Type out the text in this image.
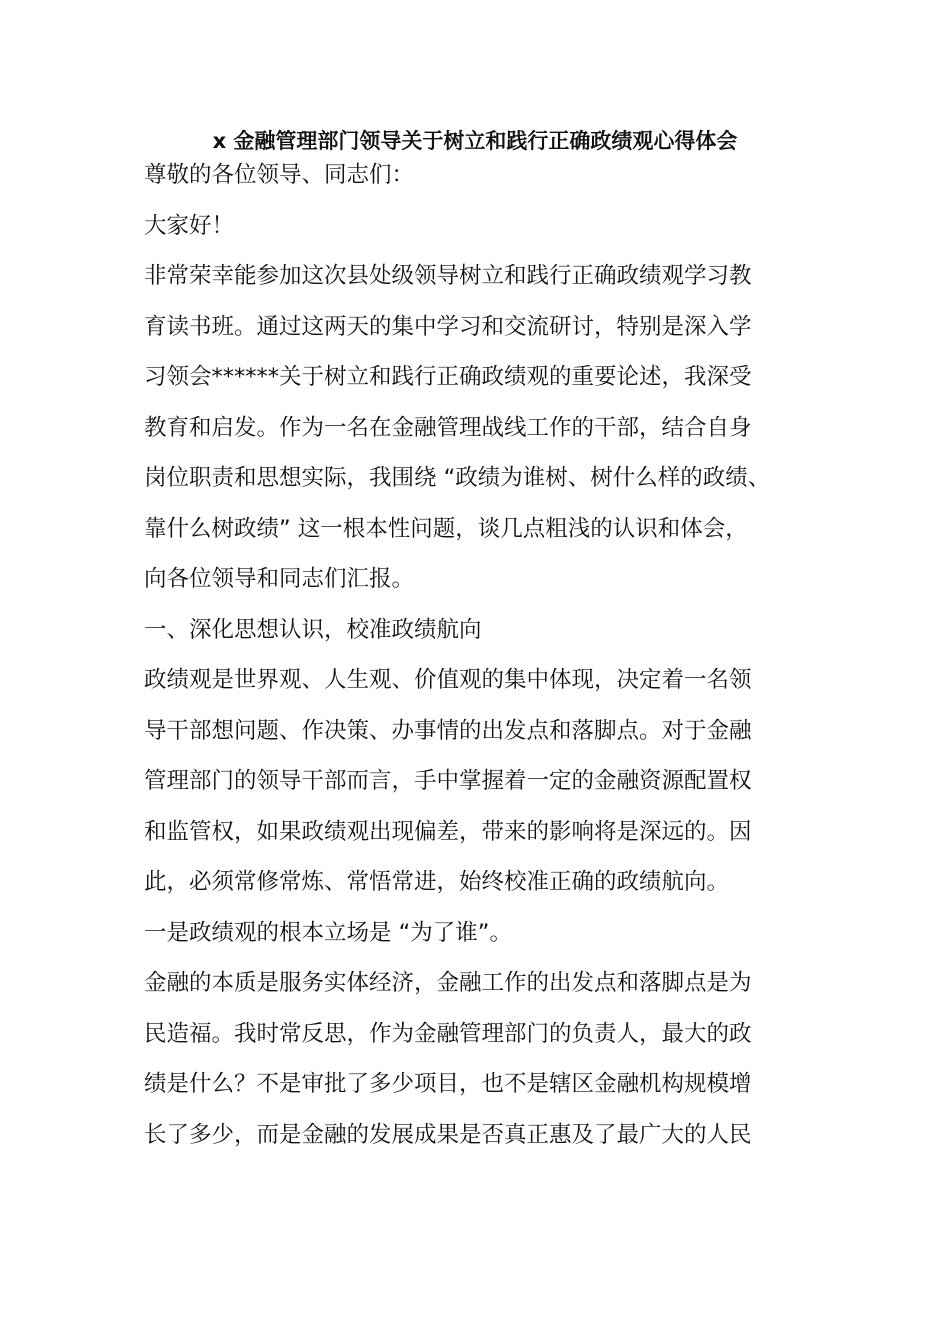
x 金融管理部门领导关于树立和践行正确政绩观心得体会

尊敬的各位领导、同志们：

大家好！

非常荣幸能参加这次县处级领导树立和践行正确政绩观学习教

育读书班。通过这两天的集中学习和交流研讨，特别是深入学

习领会******关于树立和践行正确政绩观的重要论述，我深受

教育和启发。作为一名在金融管理战线工作的干部，结合自身

岗位职责和思想实际，我围绕 “政绩为谁树、树什么样的政绩、

靠什么树政绩” 这一根本性问题，谈几点粗浅的认识和体会，

向各位领导和同志们汇报。

一、深化思想认识，校准政绩航向

政绩观是世界观、人生观、价值观的集中体现，决定着一名领

导干部想问题、作决策、办事情的出发点和落脚点。对于金融

管理部门的领导干部而言，手中掌握着一定的金融资源配置权

和监管权，如果政绩观出现偏差，带来的影响将是深远的。因

此，必须常修常炼、常悟常进，始终校准正确的政绩航向。

一是政绩观的根本立场是 “为了谁”。

金融的本质是服务实体经济，金融工作的出发点和落脚点是为

民造福。我时常反思，作为金融管理部门的负责人，最大的政

绩是什么？不是审批了多少项目，也不是辖区金融机构规模增

长了多少，而是金融的发展成果是否真正惠及了最广大的人民
